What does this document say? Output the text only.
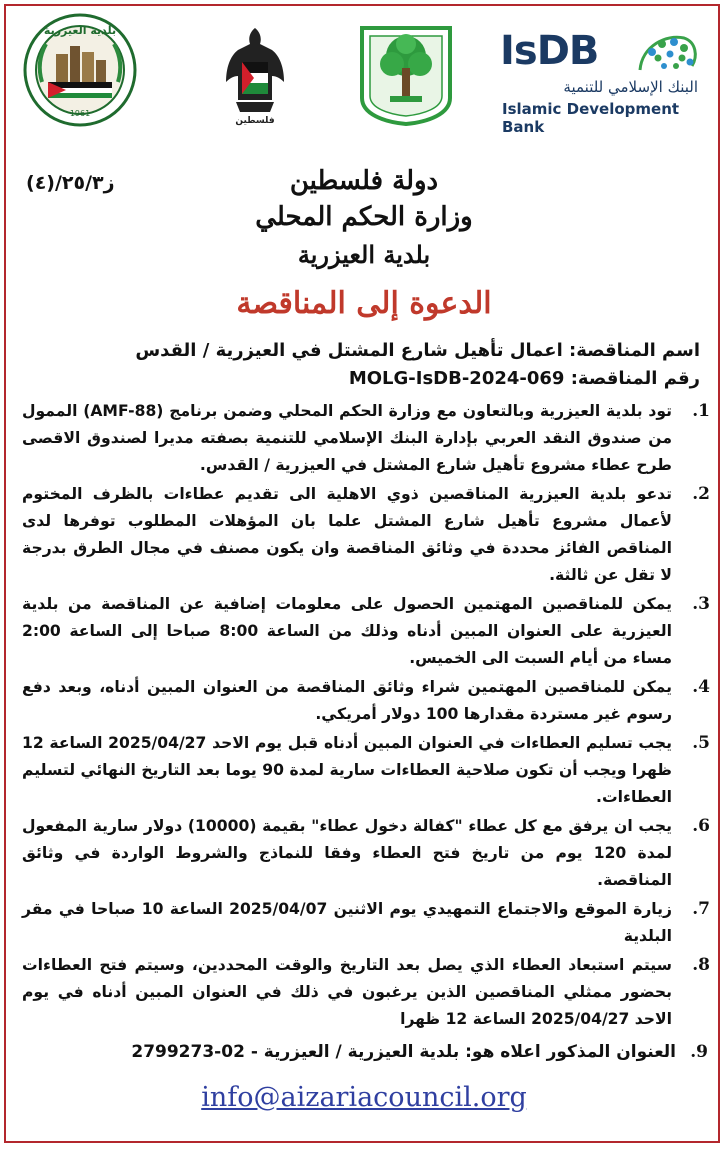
بلدية العيزرية
1961
فلسطين
IsDB
البنك الإسلامي للتنمية
Islamic Development Bank
ز٢٥/٣/(٤)	دولة فلسطين
وزارة الحكم المحلي
بلدية العيزرية
الدعوة إلى المناقصة
اسم المناقصة: اعمال تأهيل شارع المشتل في العيزرية / القدس
رقم المناقصة: MOLG-IsDB-2024-069
1.
تود بلدية العيزرية وبالتعاون مع وزارة الحكم المحلي وضمن برنامج (AMF-88) الممول من صندوق النقد العربي بإدارة البنك الإسلامي للتنمية بصفته مديرا لصندوق الاقصى طرح عطاء مشروع تأهيل شارع المشتل في العيزرية / القدس.
2.
تدعو بلدية العيزرية المناقصين ذوي الاهلية الى تقديم عطاءات بالظرف المختوم لأعمال مشروع تأهيل شارع المشتل علما بان المؤهلات المطلوب توفرها لدى المناقص الفائز محددة في وثائق المناقصة وان يكون مصنف في مجال الطرق بدرجة لا تقل عن ثالثة.
3.
يمكن للمناقصين المهتمين الحصول على معلومات إضافية عن المناقصة من بلدية العيزرية على العنوان المبين أدناه وذلك من الساعة 8:00 صباحا إلى الساعة 2:00 مساء من أيام السبت الى الخميس.
4.
يمكن للمناقصين المهتمين شراء وثائق المناقصة من العنوان المبين أدناه، وبعد دفع رسوم غير مستردة مقدارها 100 دولار أمريكي.
5.
يجب تسليم العطاءات في العنوان المبين أدناه قبل يوم الاحد 2025/04/27 الساعة 12 ظهرا ويجب أن تكون صلاحية العطاءات سارية لمدة 90 يوما بعد التاريخ النهائي لتسليم العطاءات.
6.
يجب ان يرفق مع كل عطاء "كفالة دخول عطاء" بقيمة (10000) دولار سارية المفعول لمدة 120 يوم من تاريخ فتح العطاء وفقا للنماذج والشروط الواردة في وثائق المناقصة.
7.
زيارة الموقع والاجتماع التمهيدي يوم الاثنين 2025/04/07 الساعة 10 صباحا في مقر البلدية
8.
سيتم استبعاد العطاء الذي يصل بعد التاريخ والوقت المحددين، وسيتم فتح العطاءات بحضور ممثلي المناقصين الذين يرغبون في ذلك في العنوان المبين أدناه في يوم الاحد 2025/04/27 الساعة 12 ظهرا
9.
العنوان المذكور اعلاه هو: بلدية العيزرية / العيزرية - 02-2799273
info@aizariacouncil.org
